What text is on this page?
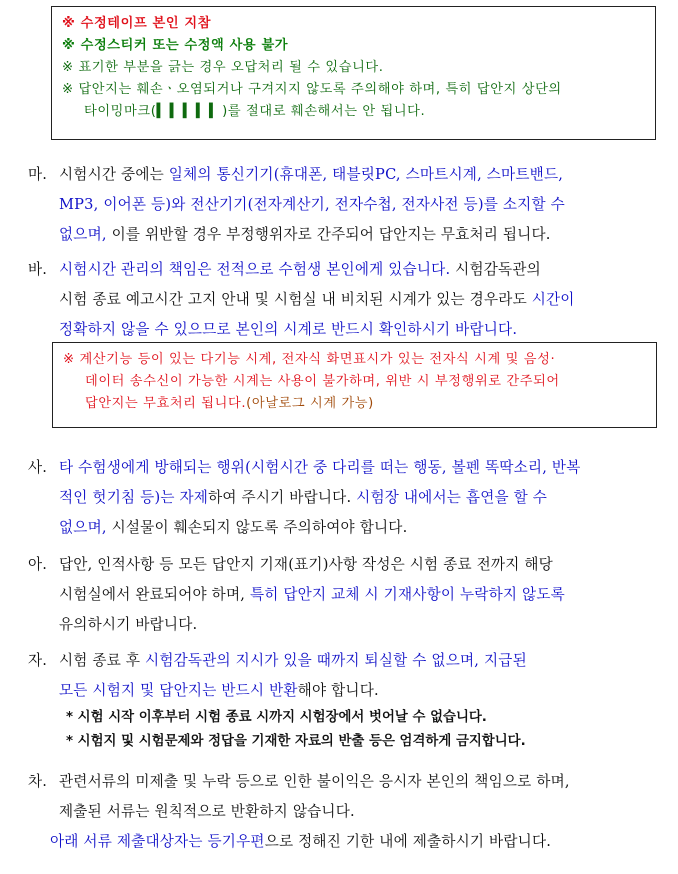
※ 수정테이프 본인 지참
※ 수정스티커 또는 수정액 사용 불가
※ 표기한 부분을 긁는 경우 오답처리 될 수 있습니다.
※ 답안지는 훼손ㆍ오염되거나 구겨지지 않도록 주의해야 하며, 특히 답안지 상단의
타이밍마크(▍▍▍▍▍)를 절대로 훼손해서는 안 됩니다.
마. 시험시간 중에는 일체의 통신기기(휴대폰, 태블릿PC, 스마트시계, 스마트밴드,
MP3, 이어폰 등)와 전산기기(전자계산기, 전자수첩, 전자사전 등)를 소지할 수
없으며, 이를 위반할 경우 부정행위자로 간주되어 답안지는 무효처리 됩니다.
바. 시험시간 관리의 책임은 전적으로 수험생 본인에게 있습니다. 시험감독관의
시험 종료 예고시간 고지 안내 및 시험실 내 비치된 시계가 있는 경우라도 시간이
정확하지 않을 수 있으므로 본인의 시계로 반드시 확인하시기 바랍니다.
※ 계산기능 등이 있는 다기능 시계, 전자식 화면표시가 있는 전자식 시계 및 음성·
데이터 송수신이 가능한 시계는 사용이 불가하며, 위반 시 부정행위로 간주되어
답안지는 무효처리 됩니다.(아날로그 시계 가능)
사. 타 수험생에게 방해되는 행위(시험시간 중 다리를 떠는 행동, 볼펜 똑딱소리, 반복
적인 헛기침 등)는 자제하여 주시기 바랍니다. 시험장 내에서는 흡연을 할 수
없으며, 시설물이 훼손되지 않도록 주의하여야 합니다.
아. 답안, 인적사항 등 모든 답안지 기재(표기)사항 작성은 시험 종료 전까지 해당
시험실에서 완료되어야 하며, 특히 답안지 교체 시 기재사항이 누락하지 않도록
유의하시기 바랍니다.
자. 시험 종료 후 시험감독관의 지시가 있을 때까지 퇴실할 수 없으며, 지급된
모든 시험지 및 답안지는 반드시 반환해야 합니다.
* 시험 시작 이후부터 시험 종료 시까지 시험장에서 벗어날 수 없습니다.
* 시험지 및 시험문제와 정답을 기재한 자료의 반출 등은 엄격하게 금지합니다.
차. 관련서류의 미제출 및 누락 등으로 인한 불이익은 응시자 본인의 책임으로 하며,
제출된 서류는 원칙적으로 반환하지 않습니다.
아래 서류 제출대상자는 등기우편으로 정해진 기한 내에 제출하시기 바랍니다.
